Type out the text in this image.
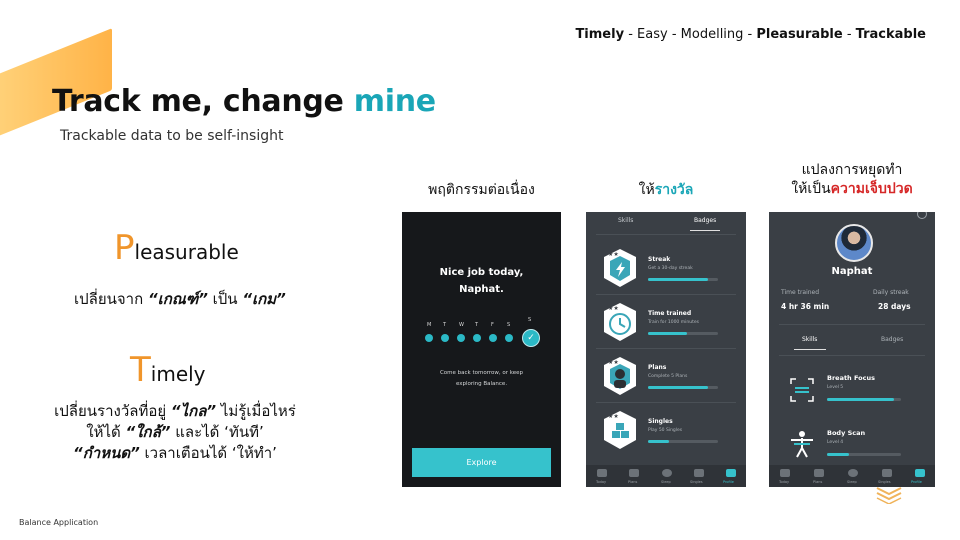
Timely - Easy - Modelling - Pleasurable - Trackable
Track me, change mine
Trackable data to be self-insight
Pleasurable
เปลี่ยนจาก “เกณฑ์” เป็น “เกม”
Timely
เปลี่ยนรางวัลที่อยู่ “ไกล” ไม่รู้เมื่อไหร่
ให้ได้ “ใกล้” และได้ ‘ทันที’
“กำหนด” เวลาเตือนได้ ‘ให้ทำ’
พฤติกรรมต่อเนื่อง	ให้รางวัล
แปลงการหยุดทำ
ให้เป็นความเจ็บปวด
Nice job today,
Naphat.
M T	W T	F	S
S
✓
Come back tomorrow, or keep
exploring Balance.
Explore
Skills	Badges
★★
Streak
Get a 30-day streak
★★
Time trained
Train for 1000 minutes
★★
Plans
Complete 5 Plans
★★
Singles
Play 50 Singles
Today	Plans	Sleep	Singles	Profile
Naphat
Time trained
4 hr 36 min
Daily streak
28 days
Skills	Badges
Breath Focus
Level 5
Body Scan
Level 4
Today	Plans	Sleep	Singles	Profile
Balance Application
